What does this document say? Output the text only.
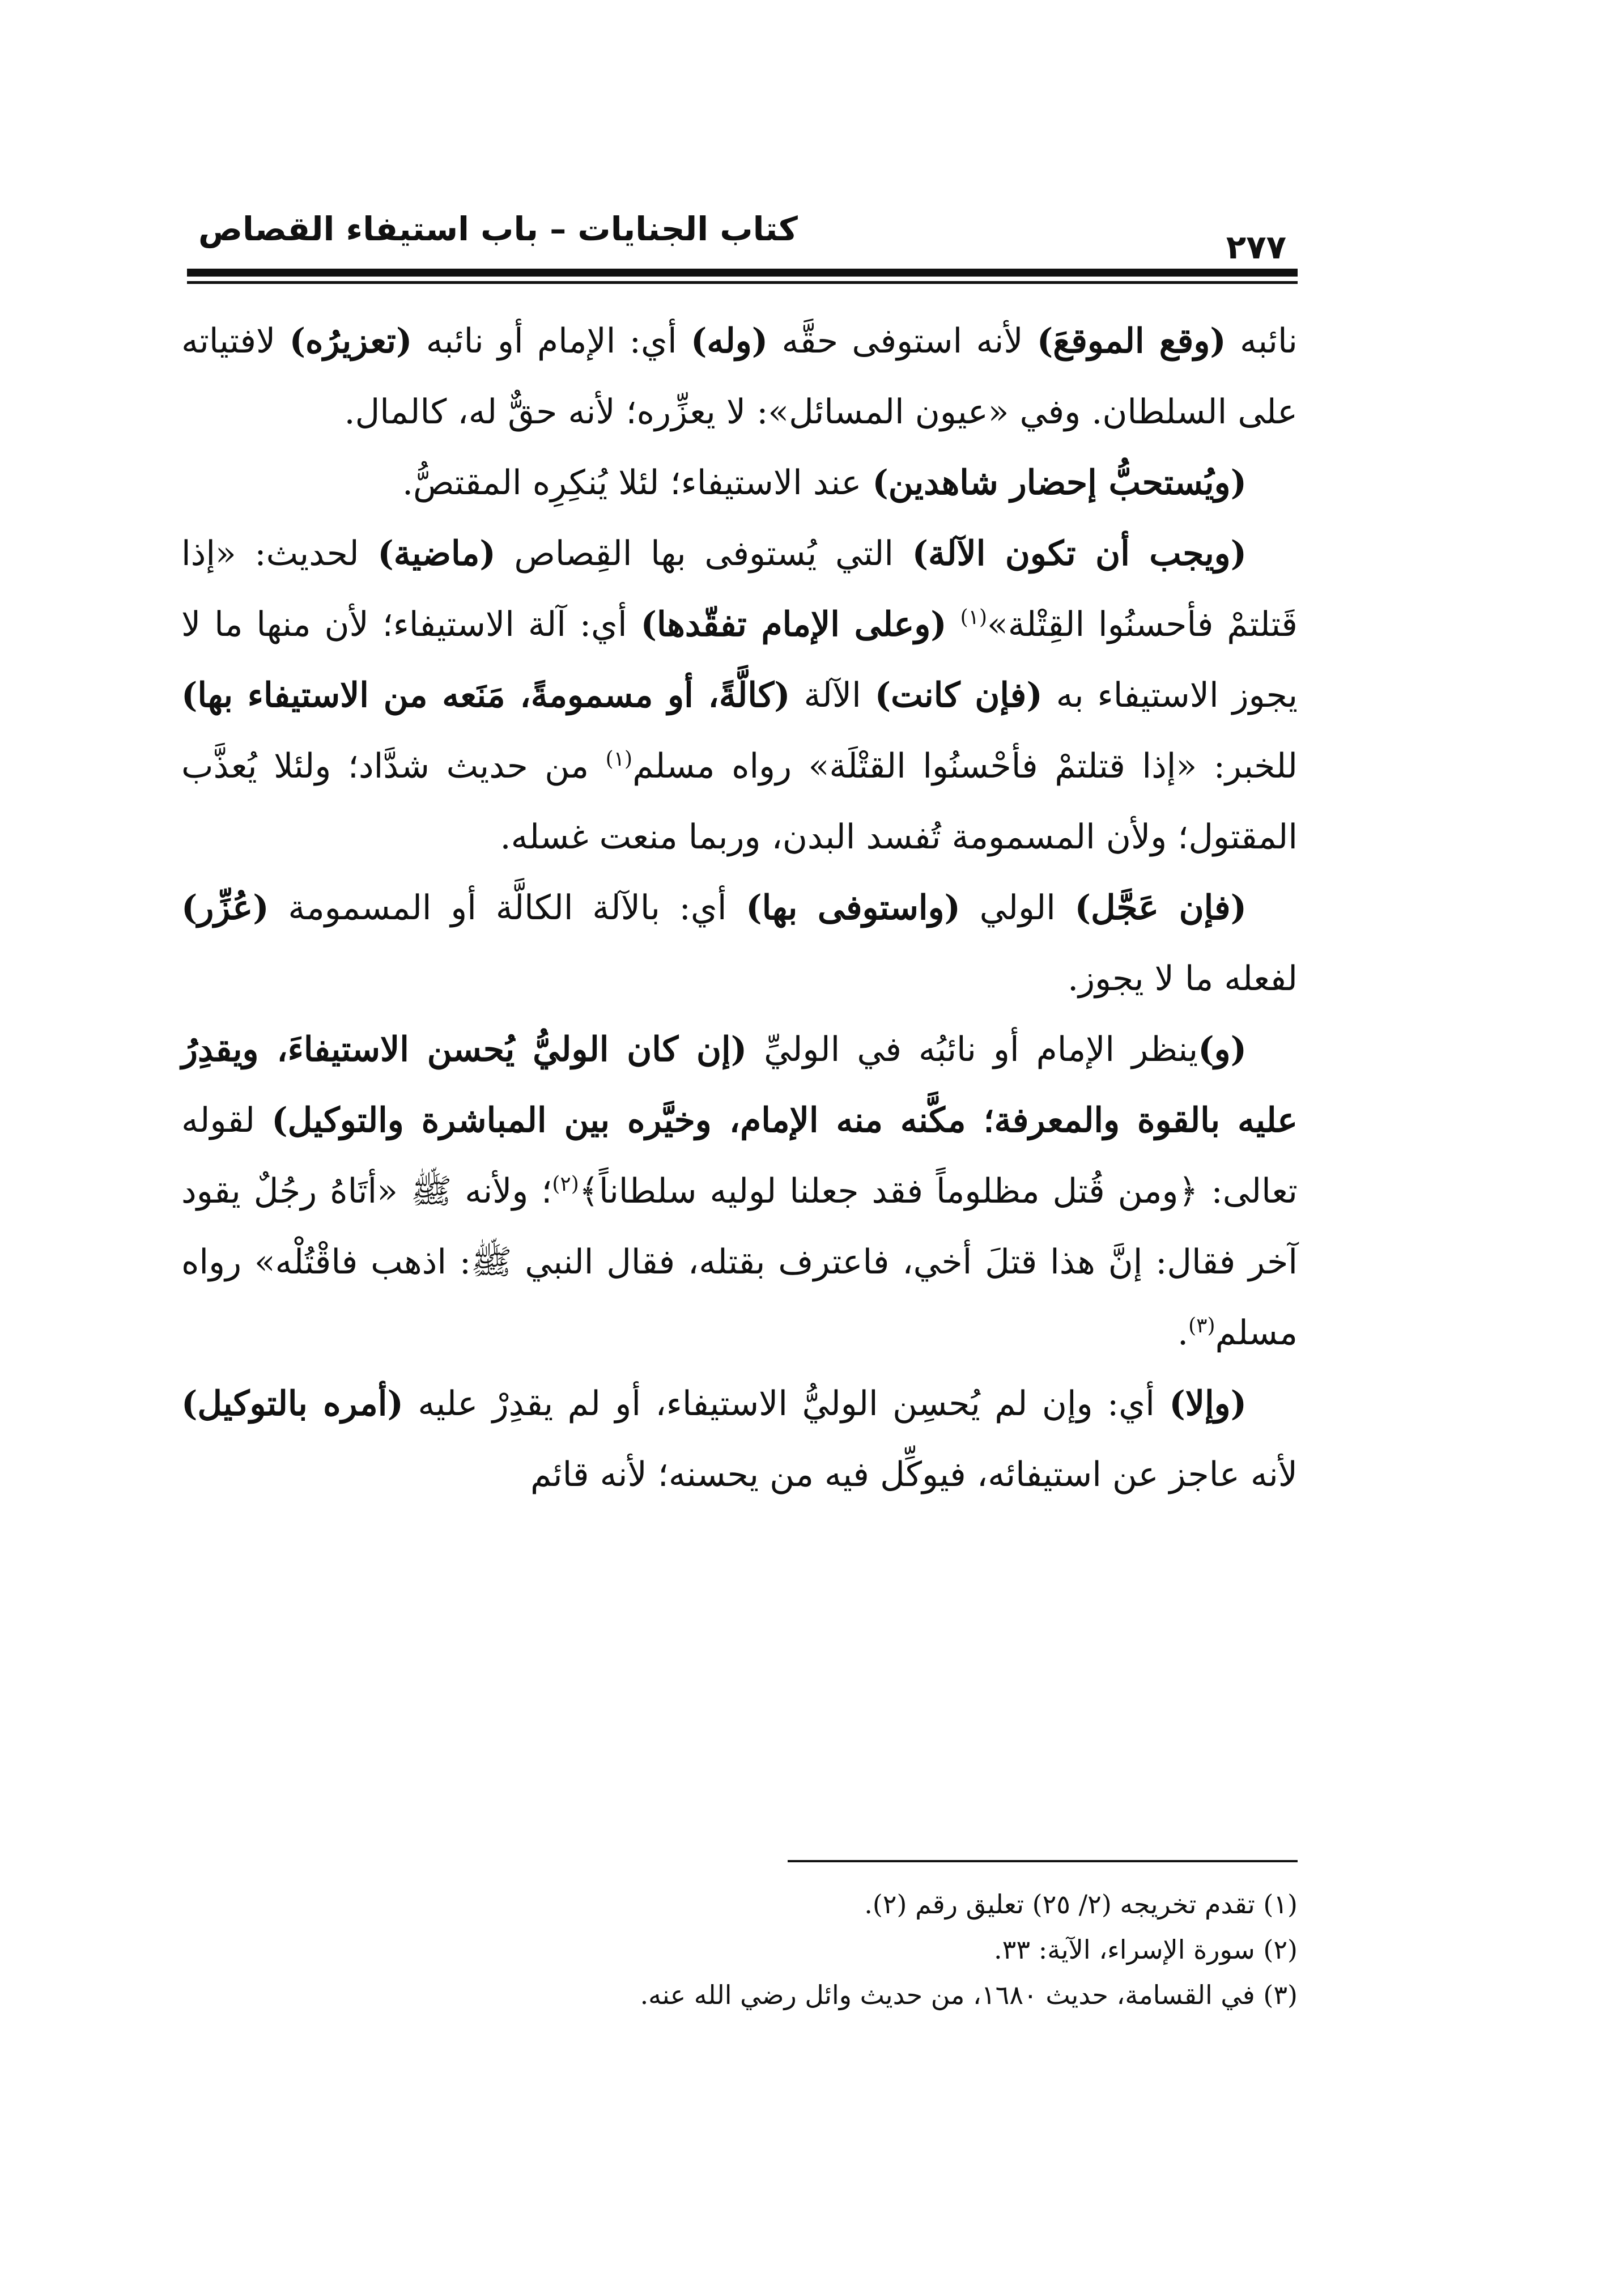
كتاب الجنايات – باب استيفاء القصاص	٢٧٧

نائبه (وقع الموقعَ) لأنه استوفى حقَّه (وله) أي: الإمام أو نائبه (تعزيرُه) لافتياته على السلطان. وفي «عيون المسائل»: لا يعزِّره؛ لأنه حقٌّ له، كالمال.

(ويُستحبُّ إحضار شاهدين) عند الاستيفاء؛ لئلا يُنكِرِه المقتصُّ.

(ويجب أن تكون الآلة) التي يُستوفى بها القِصاص (ماضية) لحديث: «إذا قَتلتمْ فأحسنُوا القِتْلة»$^{(١)}$ (وعلى الإمام تفقّدها) أي: آلة الاستيفاء؛ لأن منها ما لا يجوز الاستيفاء به (فإن كانت) الآلة (كالَّةً، أو مسمومةً، مَنَعه من الاستيفاء بها) للخبر: «إذا قتلتمْ فأحْسنُوا القتْلَة» رواه مسلم$^{(١)}$ من حديث شدَّاد؛ ولئلا يُعذَّب المقتول؛ ولأن المسمومة تُفسد البدن، وربما منعت غسله.

(فإن عَجَّل) الولي (واستوفى بها) أي: بالآلة الكالَّة أو المسمومة (عُزِّر) لفعله ما لا يجوز.

(و)ينظر الإمام أو نائبُه في الوليِّ (إن كان الوليُّ يُحسن الاستيفاءَ، ويقدِرُ عليه بالقوة والمعرفة؛ مكَّنه منه الإمام، وخيَّره بين المباشرة والتوكيل) لقوله تعالى: ﴿ومن قُتل مظلوماً فقد جعلنا لوليه سلطاناً﴾$^{(٢)}$؛ ولأنه ﷺ «أتَاهُ رجُلٌ يقود آخر فقال: إنَّ هذا قتلَ أخي، فاعترف بقتله، فقال النبي ﷺ: اذهب فاقْتُلْه» رواه مسلم$^{(٣)}$.

(وإلا) أي: وإن لم يُحسِن الوليُّ الاستيفاء، أو لم يقدِرْ عليه (أمره بالتوكيل) لأنه عاجز عن استيفائه، فيوكِّل فيه من يحسنه؛ لأنه قائم

(١) تقدم تخريجه (٢/ ٢٥) تعليق رقم (٢).

(٢) سورة الإسراء، الآية: ٣٣.

(٣) في القسامة، حديث ١٦٨٠، من حديث وائل رضي الله عنه.
